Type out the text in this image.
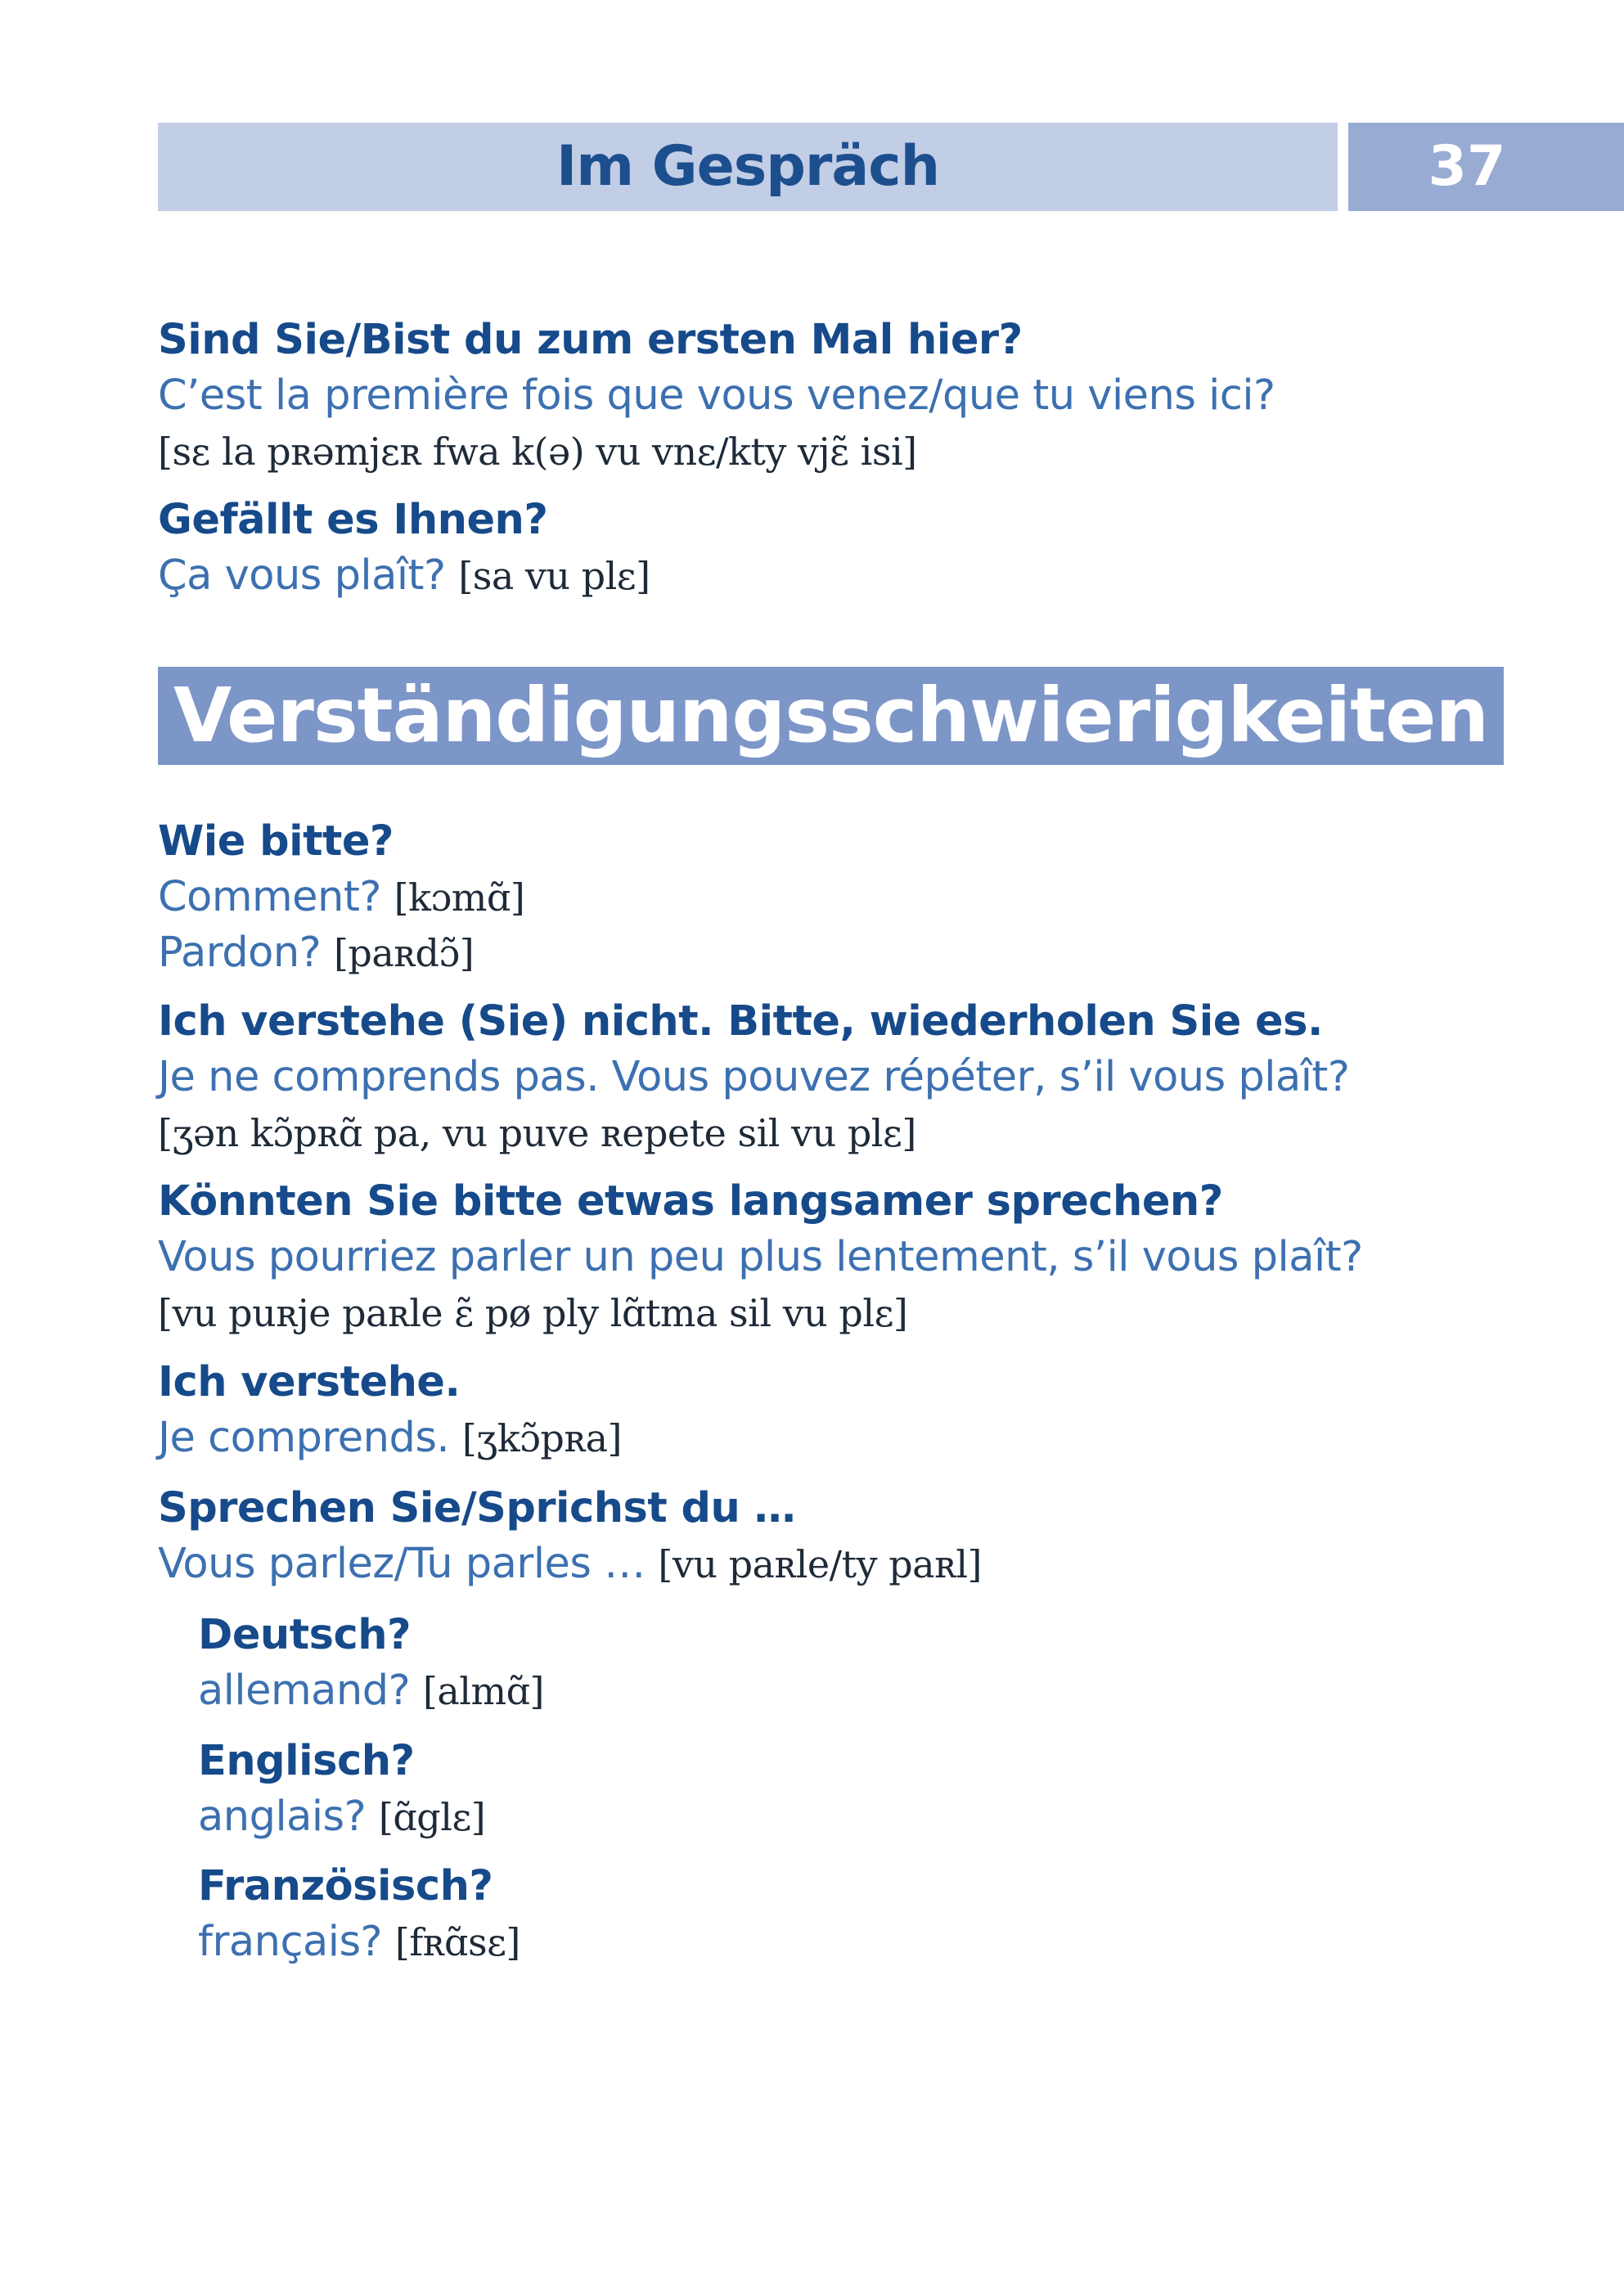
Im Gespräch	37
Sind Sie/Bist du zum ersten Mal hier?
C’est la première fois que vous venez/que tu viens ici?
[sɛ la pʀəmjɛʀ fwa k(ə) vu vnɛ/kty vjɛ̃ isi]
Gefällt es Ihnen?
Ça vous plaît? [sa vu plɛ]
Verständigungsschwierigkeiten
Wie bitte?
Comment? [kɔmɑ̃]
Pardon? [paʀdɔ̃]
Ich verstehe (Sie) nicht. Bitte, wiederholen Sie es.
Je ne comprends pas. Vous pouvez répéter, s’il vous plaît?
[ʒən kɔ̃pʀɑ̃ pa, vu puve ʀepete sil vu plɛ]
Könnten Sie bitte etwas langsamer sprechen?
Vous pourriez parler un peu plus lentement, s’il vous plaît?
[vu puʀje paʀle ɛ̃ pø ply lɑ̃tma sil vu plɛ]
Ich verstehe.
Je comprends. [ʒkɔ̃pʀa]
Sprechen Sie/Sprichst du …
Vous parlez/Tu parles … [vu paʀle/ty paʀl]
Deutsch?
allemand? [almɑ̃]
Englisch?
anglais? [ɑ̃glɛ]
Französisch?
français? [fʀɑ̃sɛ]
